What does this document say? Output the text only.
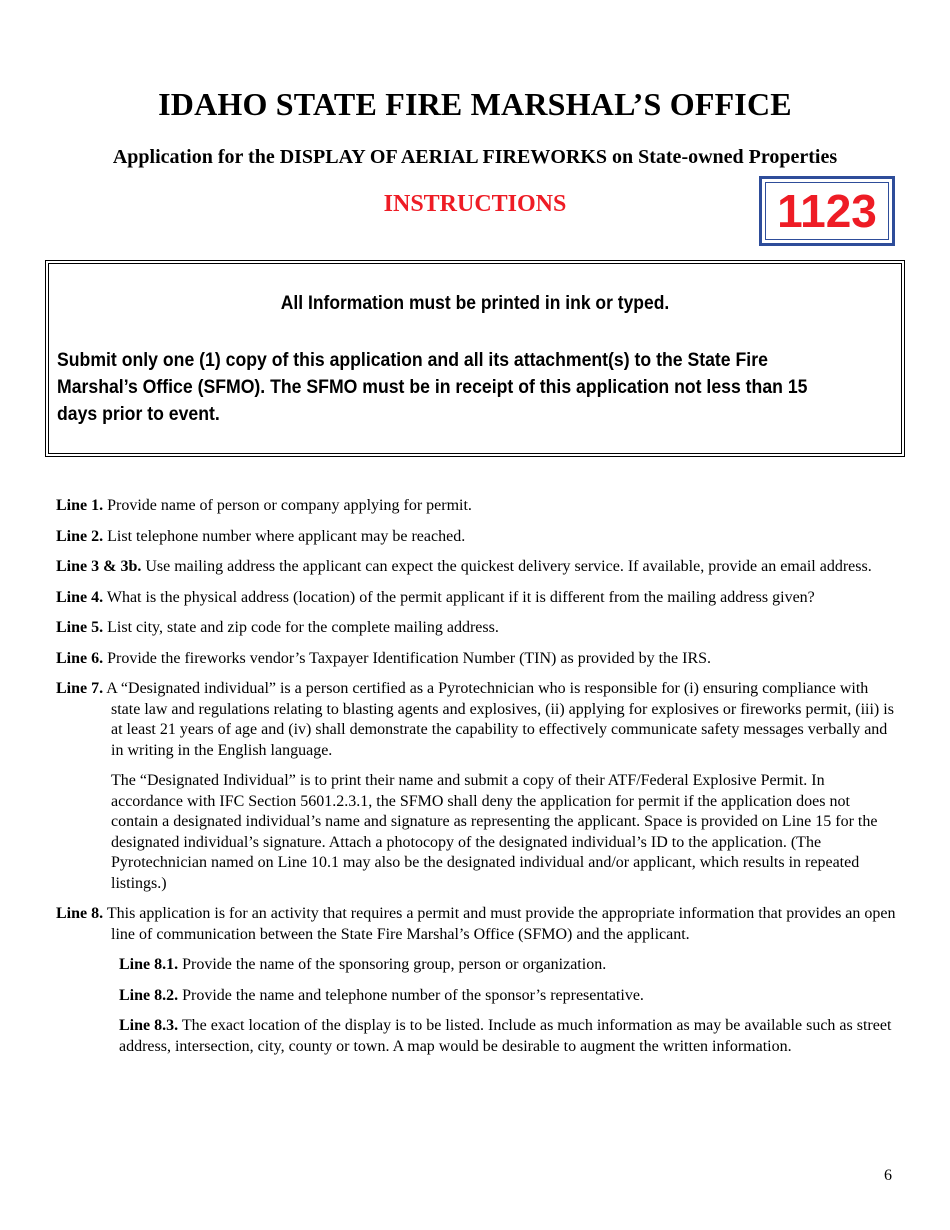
IDAHO STATE FIRE MARSHAL’S OFFICE
Application for the DISPLAY OF AERIAL FIREWORKS on State-owned Properties
INSTRUCTIONS	1123
All Information must be printed in ink or typed.
Submit only one (1) copy of this application and all its attachment(s) to the State Fire Marshal’s Office (SFMO). The SFMO must be in receipt of this application not less than 15 days prior to event.

Line 1. Provide name of person or company applying for permit.

Line 2. List telephone number where applicant may be reached.

Line 3 & 3b. Use mailing address the applicant can expect the quickest delivery service. If available, provide an email address.

Line 4. What is the physical address (location) of the permit applicant if it is different from the mailing address given?

Line 5. List city, state and zip code for the complete mailing address.

Line 6. Provide the fireworks vendor’s Taxpayer Identification Number (TIN) as provided by the IRS.

Line 7. A “Designated individual” is a person certified as a Pyrotechnician who is responsible for (i) ensuring compliance with state law and regulations relating to blasting agents and explosives, (ii) applying for explosives or fireworks permit, (iii) is at least 21 years of age and (iv) shall demonstrate the capability to effectively communicate safety messages verbally and in writing in the English language.

The “Designated Individual” is to print their name and submit a copy of their ATF/Federal Explosive Permit. In accordance with IFC Section 5601.2.3.1, the SFMO shall deny the application for permit if the application does not contain a designated individual’s name and signature as representing the applicant. Space is provided on Line 15 for the designated individual’s signature. Attach a photocopy of the designated individual’s ID to the application. (The Pyrotechnician named on Line 10.1 may also be the designated individual and/or applicant, which results in repeated listings.)

Line 8. This application is for an activity that requires a permit and must provide the appropriate information that provides an open line of communication between the State Fire Marshal’s Office (SFMO) and the applicant.

Line 8.1. Provide the name of the sponsoring group, person or organization.

Line 8.2. Provide the name and telephone number of the sponsor’s representative.

Line 8.3. The exact location of the display is to be listed. Include as much information as may be available such as street address, intersection, city, county or town. A map would be desirable to augment the written information.

6
